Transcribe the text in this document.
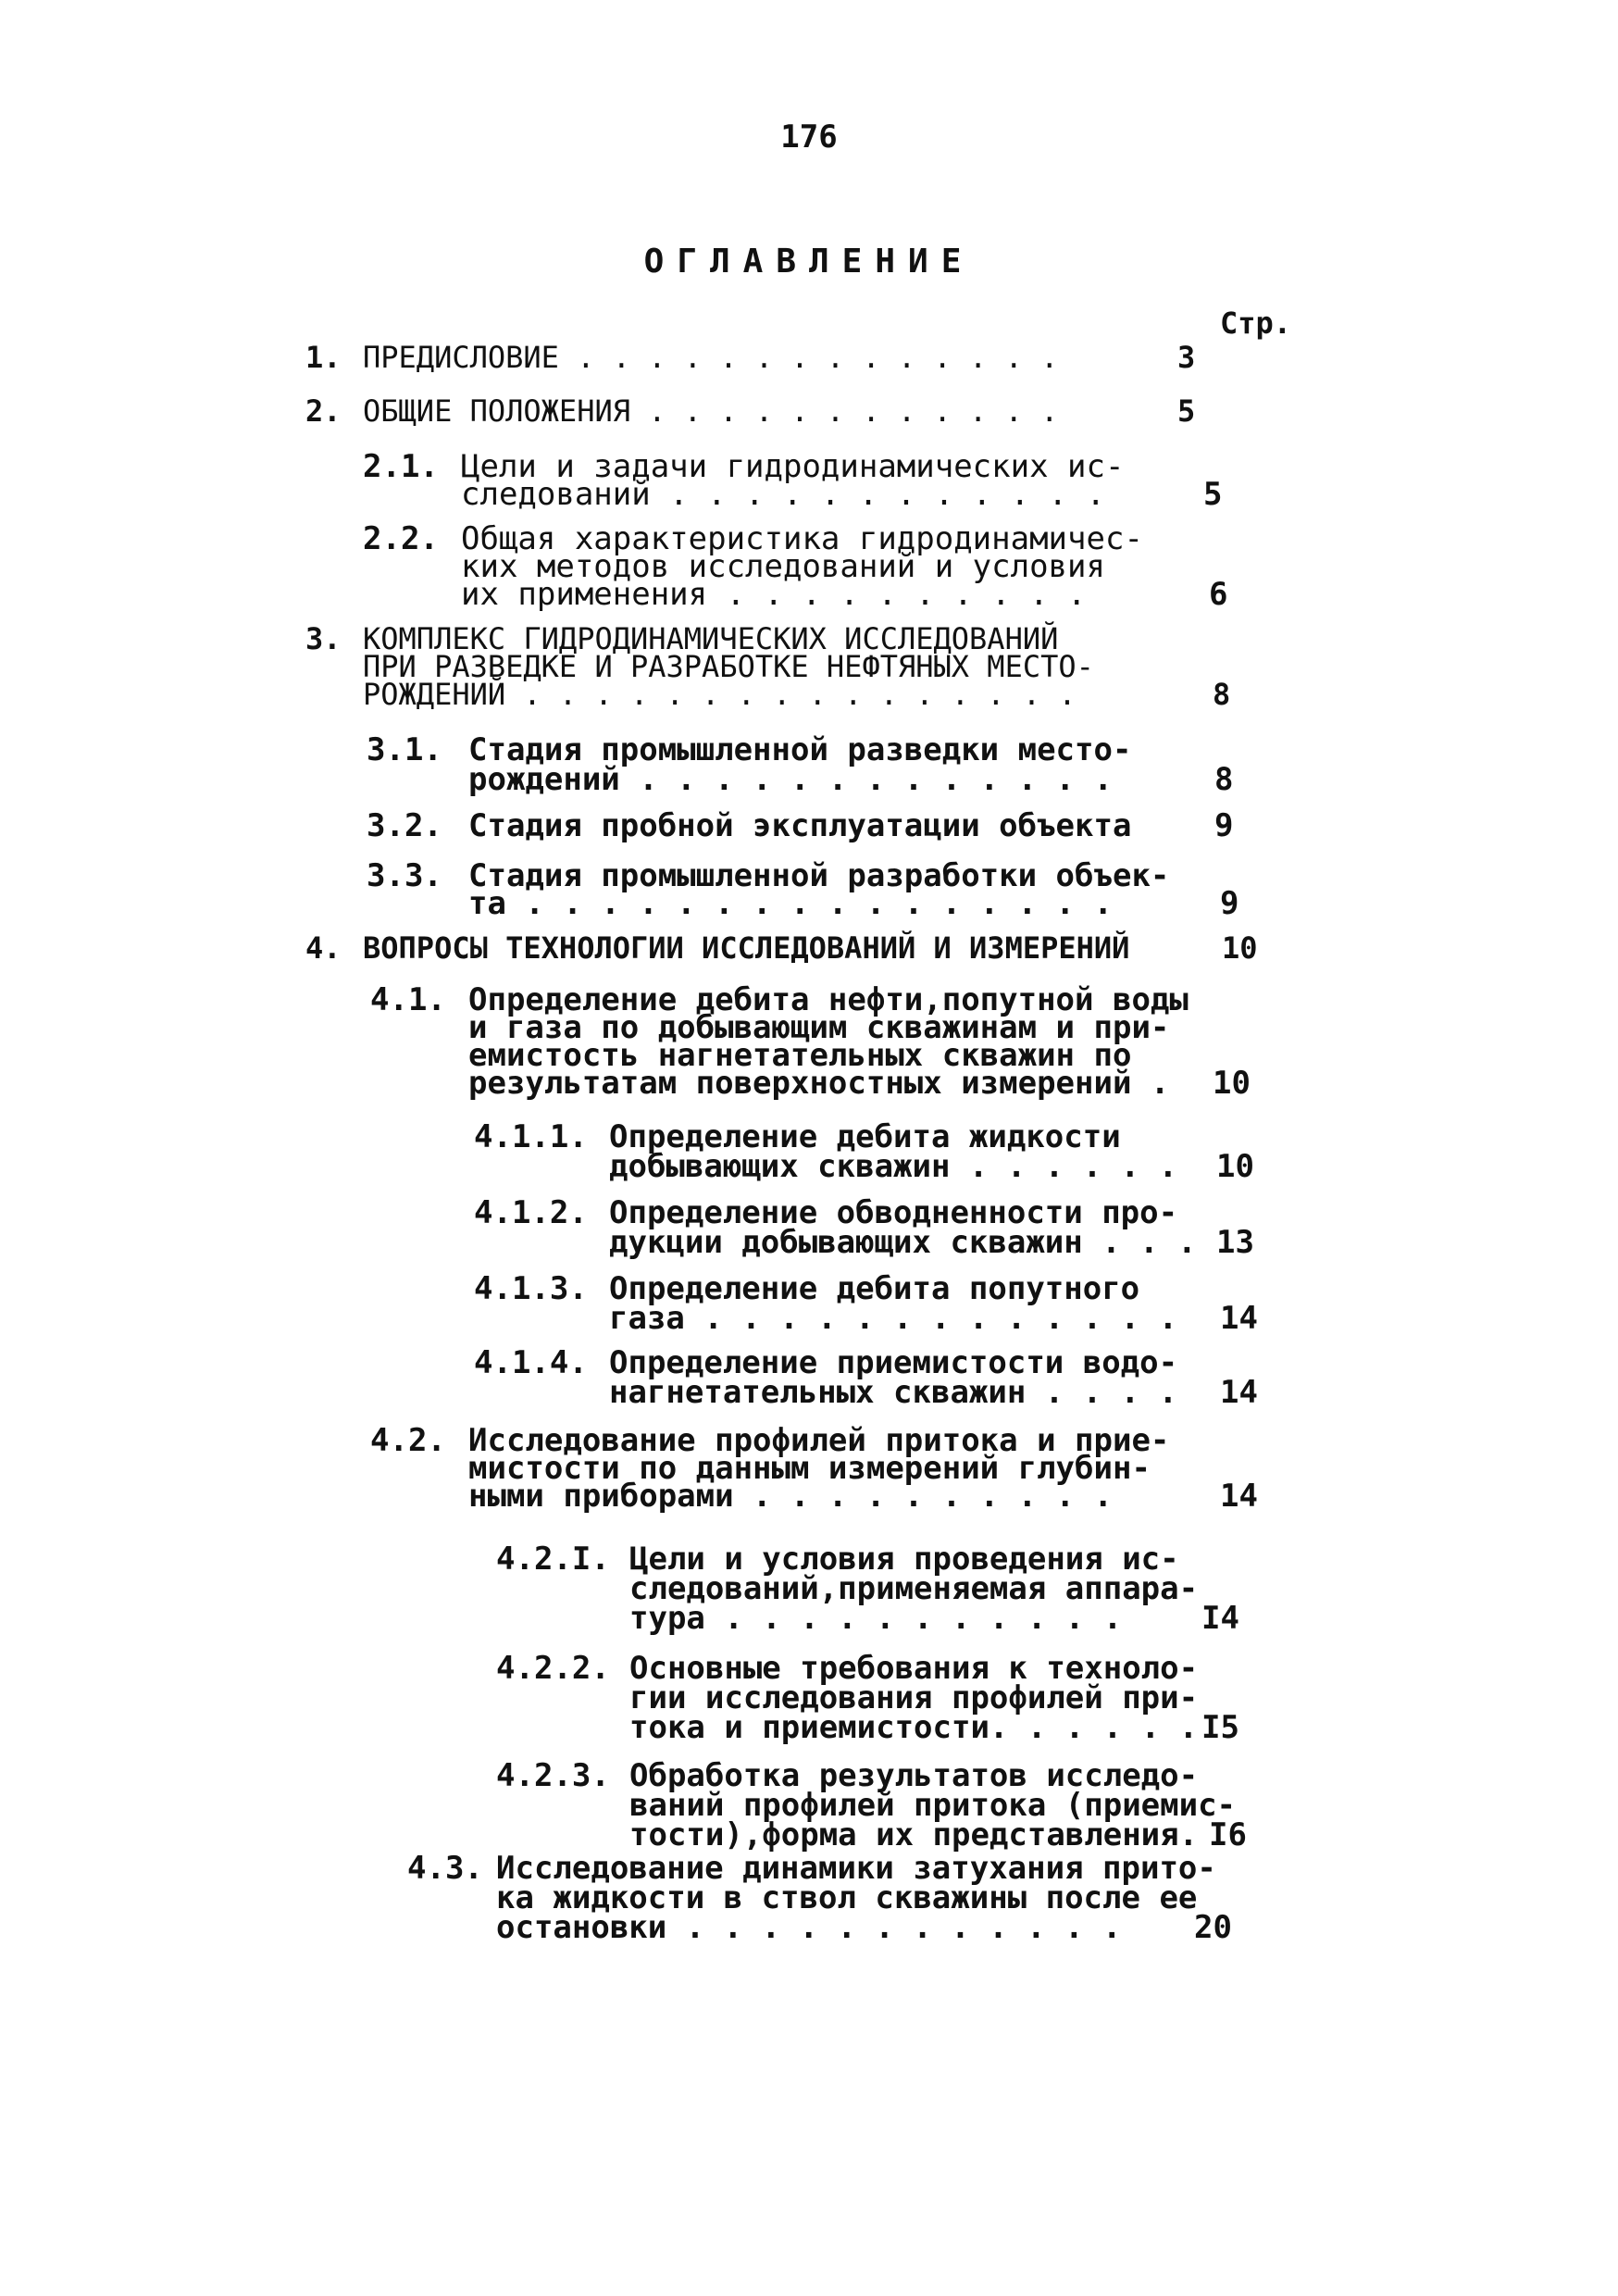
176
ОГЛАВЛЕНИЕ
Стр.
1. ПРЕДИСЛОВИЕ . . . . . . . . . . . . . .	3
2. ОБЩИЕ ПОЛОЖЕНИЯ . . . . . . . . . . . .	5
2.1. Цели и задачи гидродинамических ис-
следований . . . . . . . . . . . .	5
2.2. Общая характеристика гидродинамичес-
ких методов исследований и условия
их применения . . . . . . . . . .	6
3. КОМПЛЕКС ГИДРОДИНАМИЧЕСКИХ ИССЛЕДОВАНИЙ
ПРИ РАЗВЕДКЕ И РАЗРАБОТКЕ НЕФТЯНЫХ МЕСТО-
РОЖДЕНИЙ . . . . . . . . . . . . . . . .	8
3.1. Стадия промышленной разведки место-
рождений . . . . . . . . . . . . .	8
3.2. Стадия пробной эксплуатации объекта	9
3.3. Стадия промышленной разработки объек-
та . . . . . . . . . . . . . . . .	9
4. ВОПРОСЫ ТЕХНОЛОГИИ ИССЛЕДОВАНИЙ И ИЗМЕРЕНИЙ	10
4.1. Определение дебита нефти,попутной воды
и газа по добывающим скважинам и при-
емистость нагнетательных скважин по
результатам поверхностных измерений . 10
4.1.1. Определение дебита жидкости
добывающих скважин . . . . . . 10
4.1.2. Определение обводненности про-
дукции добывающих скважин . . . 13
4.1.3. Определение дебита попутного
газа . . . . . . . . . . . . . 14
4.1.4. Определение приемистости водо-
нагнетательных скважин . . . . 14
4.2. Исследование профилей притока и прие-
мистости по данным измерений глубин-
ными приборами . . . . . . . . . .	14
4.2.I. Цели и условия проведения ис-
следований,применяемая аппара-
тура . . . . . . . . . . .	I4
4.2.2. Основные требования к техноло-
гии исследования профилей при-
тока и приемистости. . . . . . I5
4.2.3. Обработка результатов исследо-
ваний профилей притока (приемис-
тости),форма их представления. I6
4.3. Исследование динамики затухания прито-
ка жидкости в ствол скважины после ее
остановки . . . . . . . . . . . . 20
